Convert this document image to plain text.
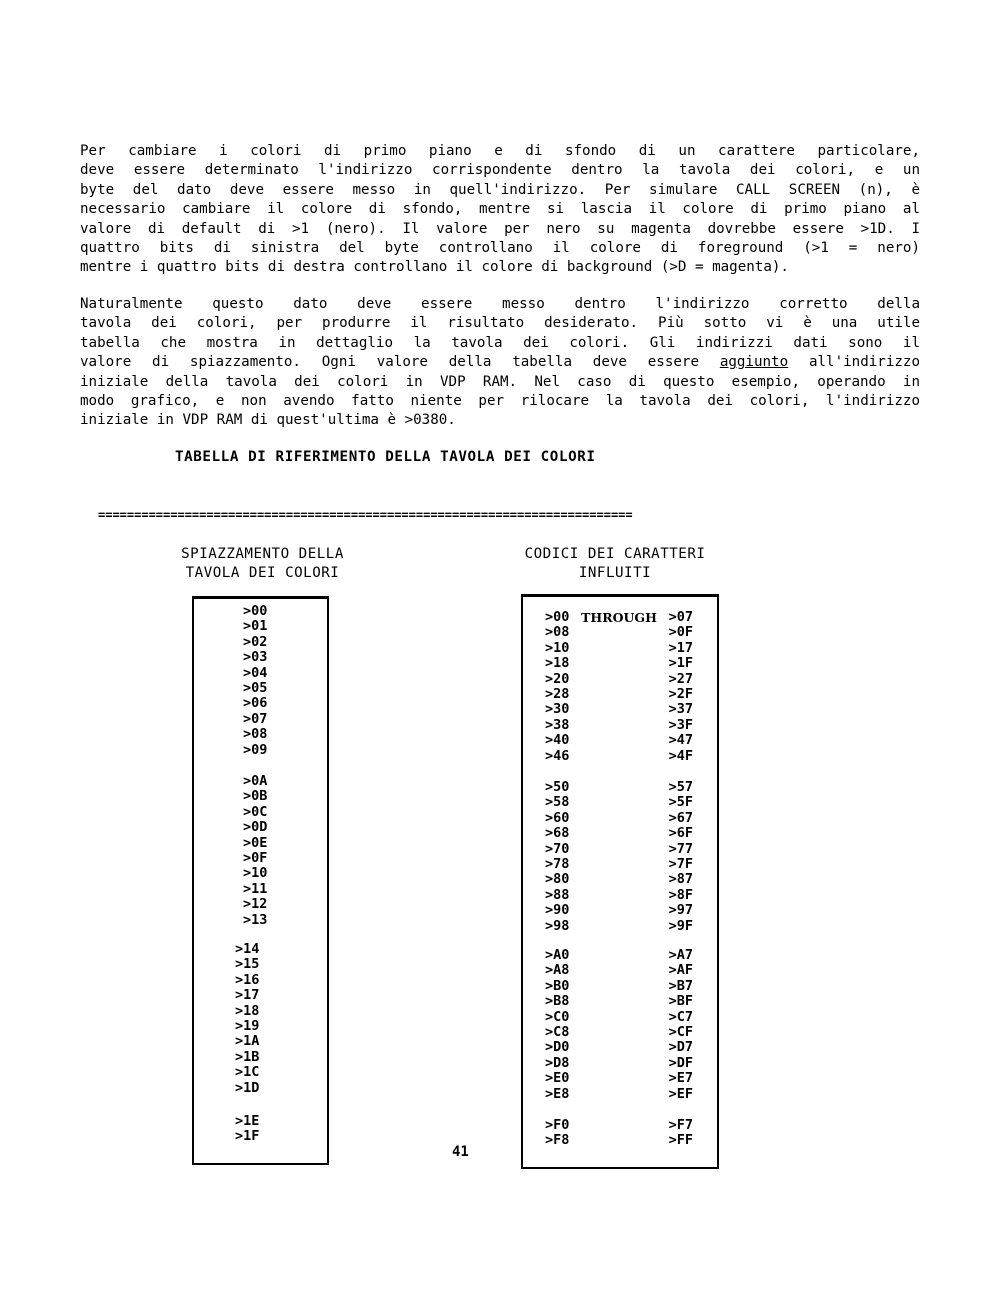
Per cambiare i colori di primo piano e di sfondo di un carattere particolare,
deve essere determinato l'indirizzo corrispondente dentro la tavola dei colori, e un
byte del dato deve essere messo in quell'indirizzo. Per simulare CALL SCREEN (n), è
necessario cambiare il colore di sfondo, mentre si lascia il colore di primo piano al
valore di default di >1 (nero). Il valore per nero su magenta dovrebbe essere >1D. I
quattro bits di sinistra del byte controllano il colore di foreground (>1 = nero)
mentre i quattro bits di destra controllano il colore di background (>D = magenta).
Naturalmente questo dato deve essere messo dentro l'indirizzo corretto della
tavola dei colori, per produrre il risultato desiderato. Più sotto vi è una utile
tabella che mostra in dettaglio la tavola dei colori. Gli indirizzi dati sono il
valore di spiazzamento. Ogni valore della tabella deve essere aggiunto all'indirizzo
iniziale della tavola dei colori in VDP RAM. Nel caso di questo esempio, operando in
modo grafico, e non avendo fatto niente per rilocare la tavola dei colori, l'indirizzo
iniziale in VDP RAM di quest'ultima è >0380.
TABELLA DI RIFERIMENTO DELLA TAVOLA DEI COLORI
==========================================================================
SPIAZZAMENTO DELLA
TAVOLA DEI COLORI
CODICI DEI CARATTERI
INFLUITI
>00
>01
>02
>03
>04
>05
>06
>07
>08
>09
>0A
>0B
>0C
>0D
>0E
>0F
>10
>11
>12
>13
>14
>15
>16
>17
>18
>19
>1A
>1B
>1C
>1D
>1E
>1F
>00 THROUGH >07
>08	>0F
>10	>17
>18	>1F
>20	>27
>28	>2F
>30	>37
>38	>3F
>40	>47
>46	>4F
>50	>57
>58	>5F
>60	>67
>68	>6F
>70	>77
>78	>7F
>80	>87
>88	>8F
>90	>97
>98	>9F
>A0	>A7
>A8	>AF
>B0	>B7
>B8	>BF
>C0	>C7
>C8	>CF
>D0	>D7
>D8	>DF
>E0	>E7
>E8	>EF
>F0	>F7
>F8	>FF
41
